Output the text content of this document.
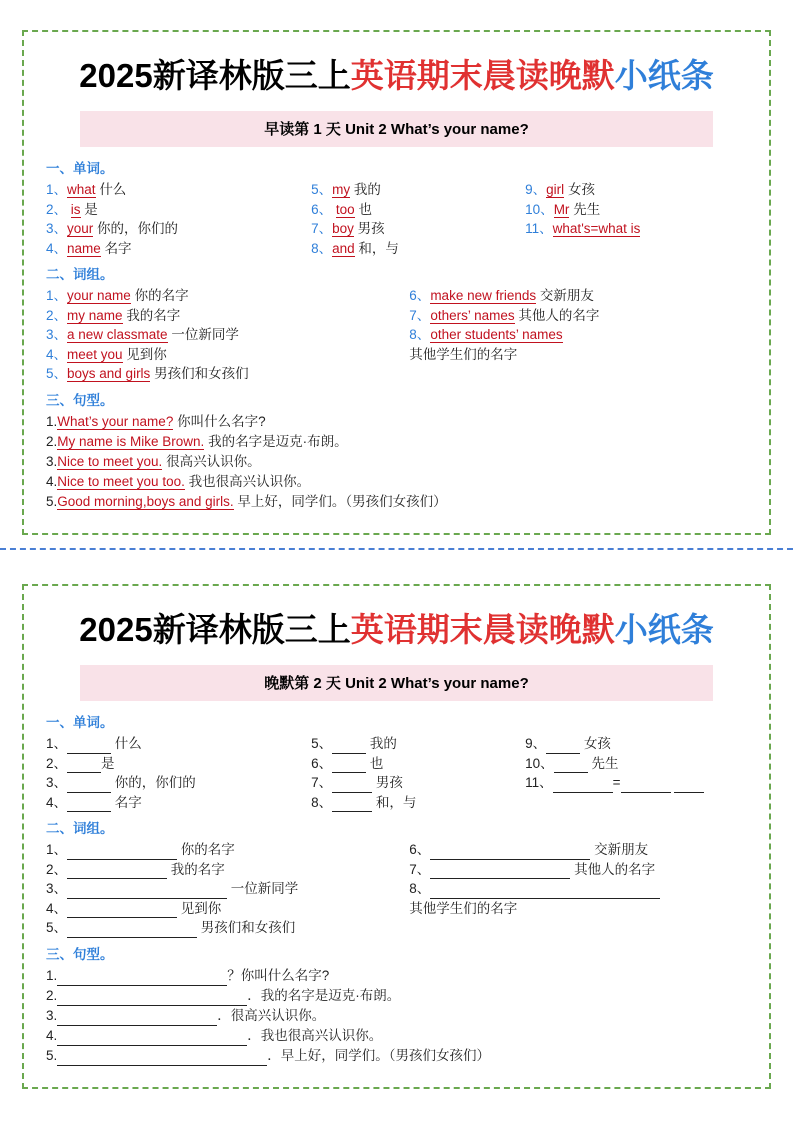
2025新译林版三上英语期末晨读晚默小纸条
早读第 1 天 Unit 2 What’s your name?
一、单词。
1、what 什么
2、 is 是
3、your 你的，你们的
4、name 名字
5、my 我的
6、 too 也
7、boy 男孩
8、and 和，与
9、girl 女孩
10、Mr 先生
11、what's=what is
二、词组。
1、your name 你的名字
2、my name 我的名字
3、a new classmate 一位新同学
4、meet you 见到你
5、boys and girls 男孩们和女孩们
6、make new friends 交新朋友
7、others’ names 其他人的名字
8、other students’ names
其他学生们的名字
三、句型。
1.What’s your name? 你叫什么名字?
2.My name is Mike Brown. 我的名字是迈克·布朗。
3.Nice to meet you. 很高兴认识你。
4.Nice to meet you too. 我也很高兴认识你。
5.Good morning,boys and girls. 早上好，同学们。（男孩们女孩们）
2025新译林版三上英语期末晨读晚默小纸条
晚默第 2 天 Unit 2 What’s your name?
一、单词。
1、	什么
2、	是
3、	你的，你们的
4、	名字
5、	我的
6、	也
7、	男孩
8、	和，与
9、	女孩
10、	先生
11、	=
二、词组。
1、	你的名字
2、	我的名字
3、	一位新同学
4、	见到你
5、	男孩们和女孩们
6、	交新朋友
7、	其他人的名字
8、
其他学生们的名字
三、句型。
1.	？你叫什么名字?
2.	．我的名字是迈克·布朗。
3.	．很高兴认识你。
4.	．我也很高兴认识你。
5.	．早上好，同学们。（男孩们女孩们）
